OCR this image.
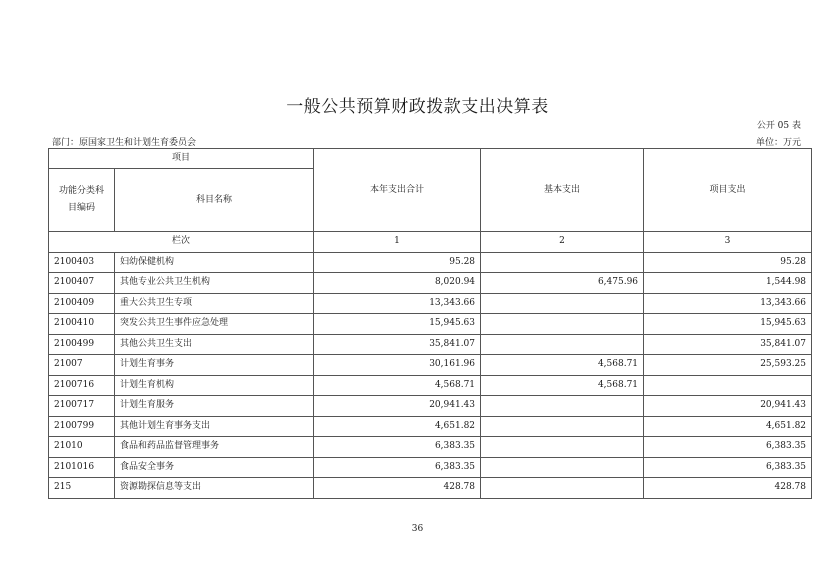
一般公共预算财政拨款支出决算表
公开 05 表
部门：原国家卫生和计划生育委员会	单位：万元
项目		本年支出合计	基本支出	项目支出
功能分类科目编码	科目名称			
栏次		1	2	3
2100403	妇幼保健机构	95.28		95.28
2100407	其他专业公共卫生机构	8,020.94	6,475.96	1,544.98
2100409	重大公共卫生专项	13,343.66		13,343.66
2100410	突发公共卫生事件应急处理	15,945.63		15,945.63
2100499	其他公共卫生支出	35,841.07		35,841.07
21007	计划生育事务	30,161.96	4,568.71	25,593.25
2100716	计划生育机构	4,568.71	4,568.71	
2100717	计划生育服务	20,941.43		20,941.43
2100799	其他计划生育事务支出	4,651.82		4,651.82
21010	食品和药品监督管理事务	6,383.35		6,383.35
2101016	食品安全事务	6,383.35		6,383.35
215	资源勘探信息等支出	428.78		428.78
36
